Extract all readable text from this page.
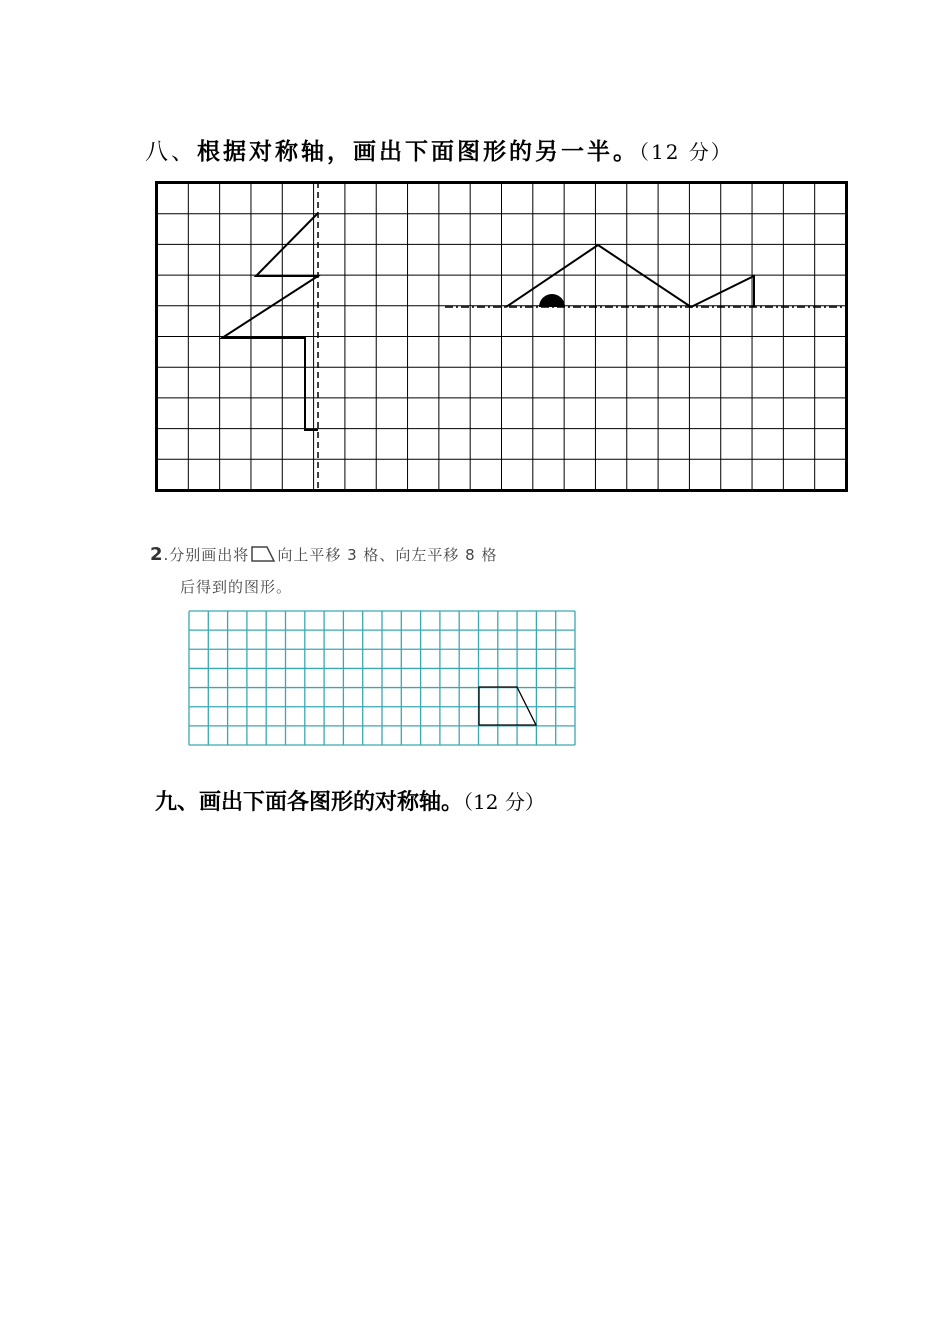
八、根据对称轴，画出下面图形的另一半。（12 分）
2.分别画出将 向上平移 3 格、向左平移 8 格
后得到的图形。
九、画出下面各图形的对称轴。（12 分）
